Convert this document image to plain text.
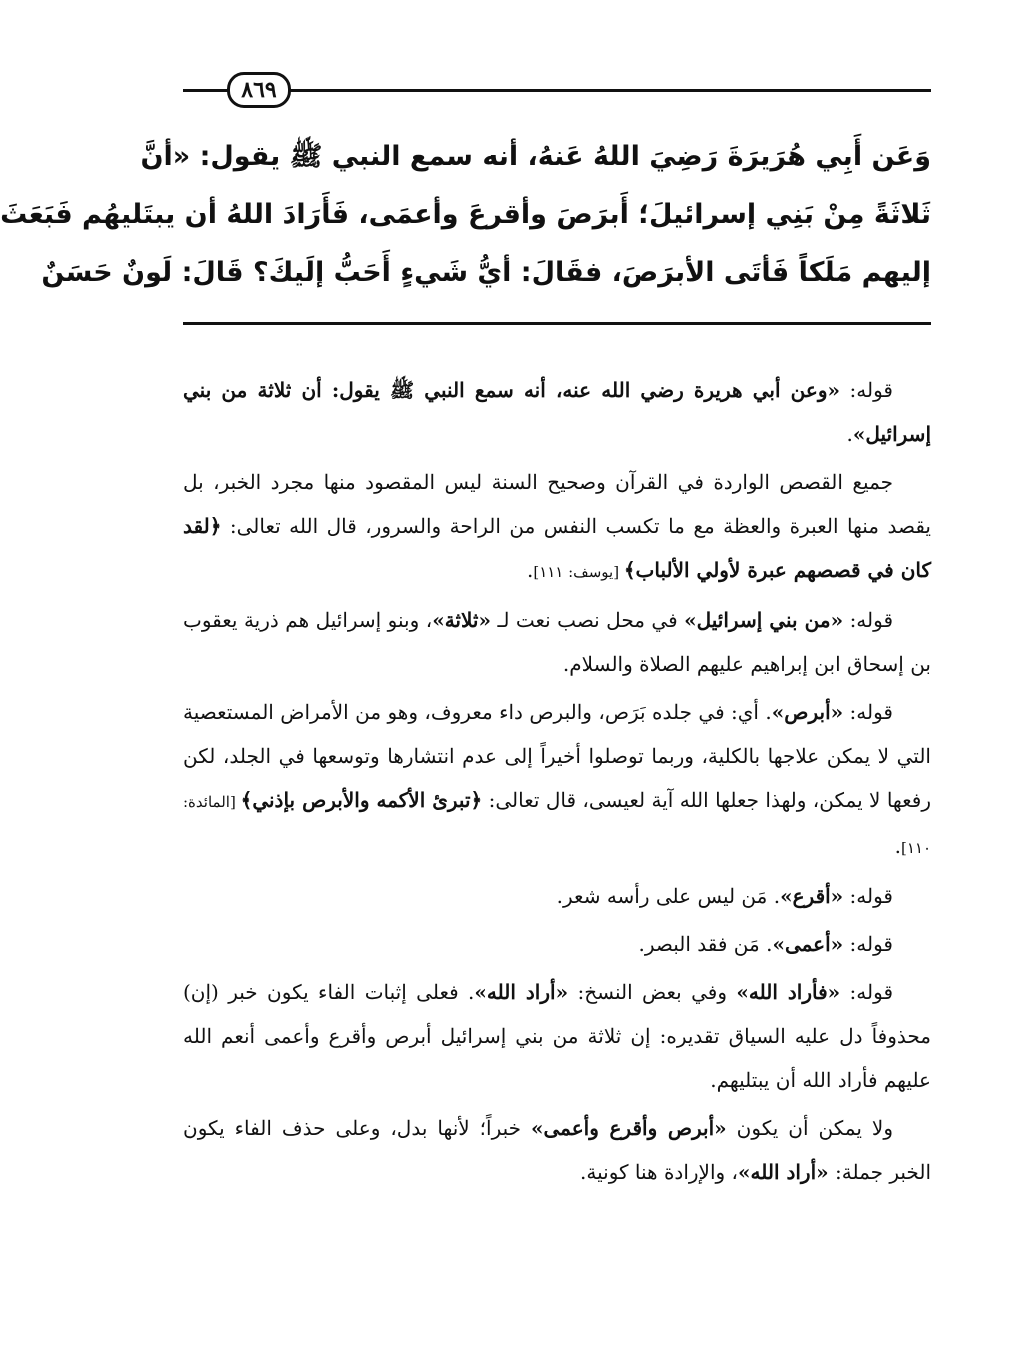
٨٦٩
وَعَن أَبِي هُرَيرَةَ رَضِيَ اللهُ عَنهُ، أنه سمع النبي ﷺ يقول: «أنَّ
ثَلاثَةً مِنْ بَنِي إسرائيلَ؛ أَبرَصَ وأقرعَ وأعمَى، فَأَرَادَ اللهُ أن يبتَليهُم فَبَعَثَ
إليهم مَلَكاً فَأتَى الأبرَصَ، فقَالَ: أيُّ شَيءٍ أَحَبُّ إلَيكَ؟ قَالَ: لَونٌ حَسَنٌ

قوله: «وعن أبي هريرة رضي الله عنه، أنه سمع النبي ﷺ يقول: أن ثلاثة من بني إسرائيل».

جميع القصص الواردة في القرآن وصحيح السنة ليس المقصود منها مجرد الخبر، بل يقصد منها العبرة والعظة مع ما تكسب النفس من الراحة والسرور، قال الله تعالى: ﴿لقد كان في قصصهم عبرة لأولي الألباب﴾ [يوسف: ١١١].

قوله: «من بني إسرائيل» في محل نصب نعت لـ «ثلاثة»، وبنو إسرائيل هم ذرية يعقوب بن إسحاق ابن إبراهيم عليهم الصلاة والسلام.

قوله: «أبرص». أي: في جلده بَرَص، والبرص داء معروف، وهو من الأمراض المستعصية التي لا يمكن علاجها بالكلية، وربما توصلوا أخيراً إلى عدم انتشارها وتوسعها في الجلد، لكن رفعها لا يمكن، ولهذا جعلها الله آية لعيسى، قال تعالى: ﴿تبرئ الأكمه والأبرص بإذني﴾ [المائدة: ١١٠].

قوله: «أقرع». مَن ليس على رأسه شعر.

قوله: «أعمى». مَن فقد البصر.

قوله: «فأراد الله» وفي بعض النسخ: «أراد الله». فعلى إثبات الفاء يكون خبر (إن) محذوفاً دل عليه السياق تقديره: إن ثلاثة من بني إسرائيل أبرص وأقرع وأعمى أنعم الله عليهم فأراد الله أن يبتليهم.

ولا يمكن أن يكون «أبرص وأقرع وأعمى» خبراً؛ لأنها بدل، وعلى حذف الفاء يكون الخبر جملة: «أراد الله»، والإرادة هنا كونية.
